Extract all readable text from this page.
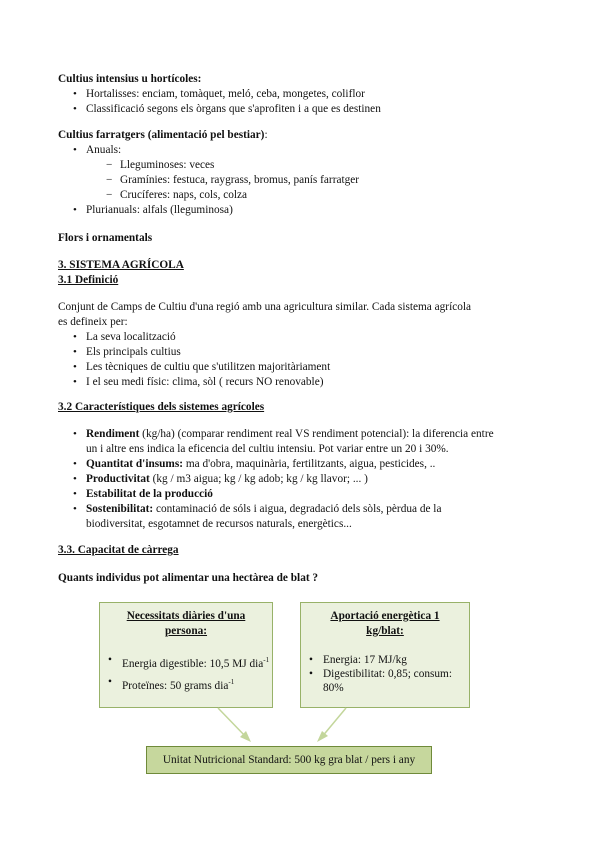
Cultius intensius u hortícoles:
• Hortalisses: enciam, tomàquet, meló, ceba, mongetes, coliflor
• Classificació segons els òrgans que s'aprofiten i a que es destinen
Cultius farratgers (alimentació pel bestiar):
• Anuals:
− Lleguminoses: veces
− Gramínies: festuca, raygrass, bromus, panís farratger
− Crucíferes: naps, cols, colza
• Plurianuals: alfals (lleguminosa)
Flors i ornamentals
3. SISTEMA AGRÍCOLA
3.1 Definició
Conjunt de Camps de Cultiu d'una regió amb una agricultura similar. Cada sistema agrícola
es defineix per:
• La seva localització
• Els principals cultius
• Les tècniques de cultiu que s'utilitzen majoritàriament
• I el seu medi físic: clima, sòl ( recurs NO renovable)
3.2 Característiques dels sistemes agrícoles
• Rendiment (kg/ha) (comparar rendiment real VS rendiment potencial): la diferencia entre un i altre ens indica la eficencia del cultiu intensiu. Pot variar entre un 20 i 30%.
• Quantitat d'insums: ma d'obra, maquinària, fertilitzants, aigua, pesticides, ..
• Productivitat (kg / m3 aigua; kg / kg adob; kg / kg llavor; ... )
• Estabilitat de la producció
• Sostenibilitat: contaminació de sóls i aigua, degradació dels sòls, pèrdua de la biodiversitat, esgotamnet de recursos naturals, energètics...
3.3. Capacitat de càrrega
Quants individus pot alimentar una hectàrea de blat ?
Necessitats diàries d'una persona:
• Energia digestible: 10,5 MJ dia$^{-1}$
• Proteïnes: 50 grams dia$^{-1}$
Aportació energètica 1 kg/blat:
• Energia: 17 MJ/kg
• Digestibilitat: 0,85; consum: 80%
Unitat Nutricional Standard: 500 kg gra blat / pers i any
